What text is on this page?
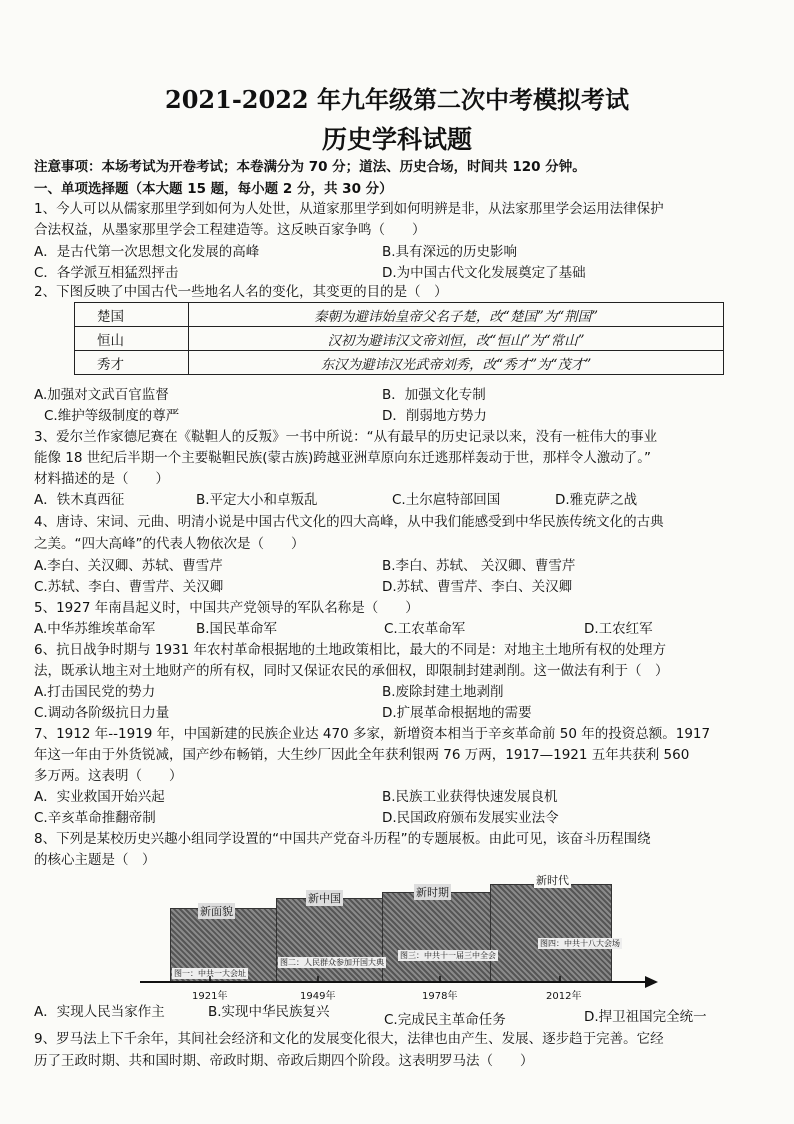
2021-2022 年九年级第二次中考模拟考试
历史学科试题
注意事项：本场考试为开卷考试；本卷满分为 70 分；道法、历史合场，时间共 120 分钟。
一、单项选择题（本大题 15 题，每小题 2 分，共 30 分）
1、今人可以从儒家那里学到如何为人处世，从道家那里学到如何明辨是非，从法家那里学会运用法律保护
合法权益，从墨家那里学会工程建造等。这反映百家争鸣（　　）
A．是古代第一次思想文化发展的高峰	B.具有深远的历史影响
C．各学派互相猛烈抨击	D.为中国古代文化发展奠定了基础
2、下图反映了中国古代一些地名人名的变化，其变更的目的是（　）
楚国	秦朝为避讳始皇帝父名子楚，改“楚国”为“荆国”
恒山	汉初为避讳汉文帝刘恒，改“恒山”为“常山”
秀才	东汉为避讳汉光武帝刘秀，改“秀才”为“茂才”
A.加强对文武百官监督	B．加强文化专制
C.维护等级制度的尊严	D．削弱地方势力
3、爱尔兰作家德尼赛在《鞑靼人的反叛》一书中所说：“从有最早的历史记录以来，没有一桩伟大的事业
能像 18 世纪后半期一个主要鞑靼民族(蒙古族)跨越亚洲草原向东迁逃那样轰动于世，那样令人激动了。”
材料描述的是（　　）
A．铁木真西征	B.平定大小和卓叛乱	C.土尔扈特部回国	D.雅克萨之战
4、唐诗、宋词、元曲、明清小说是中国古代文化的四大高峰，从中我们能感受到中华民族传统文化的古典
之美。“四大高峰”的代表人物依次是（　　）
A.李白、关汉卿、苏轼、曹雪芹	B.李白、苏轼、 关汉卿、曹雪芹
C.苏轼、李白、曹雪芹、关汉卿	D.苏轼、曹雪芹、李白、关汉卿
5、1927 年南昌起义时，中国共产党领导的军队名称是（　　）
A.中华苏维埃革命军	B.国民革命军	C.工农革命军	D.工农红军
6、抗日战争时期与 1931 年农村革命根据地的土地政策相比，最大的不同是：对地主土地所有权的处理方
法，既承认地主对土地财产的所有权，同时又保证农民的承佃权，即限制封建剥削。这一做法有利于（　）
A.打击国民党的势力	B.废除封建土地剥削
C.调动各阶级抗日力量	D.扩展革命根据地的需要
7、1912 年--1919 年，中国新建的民族企业达 470 多家，新增资本相当于辛亥革命前 50 年的投资总额。1917
年这一年由于外货锐减，国产纱布畅销，大生纱厂因此全年获利银两 76 万两，1917—1921 五年共获利 560
多万两。这表明（　　）
A．实业救国开始兴起	B.民族工业获得快速发展良机
C.辛亥革命推翻帝制	D.民国政府颁布发展实业法令
8、下列是某校历史兴趣小组同学设置的“中国共产党奋斗历程”的专题展板。由此可见，该奋斗历程围绕
的核心主题是（　）
新面貌
新中国	新时期
新时代
图一：中共一大会址
图二：人民群众参加开国大典
图三：中共十一届三中全会
图四：中共十八大会场
1921年	1949年	1978年	2012年
A．实现人民当家作主	B.实现中华民族复兴	C.完成民主革命任务	D.捍卫祖国完全统一
9、罗马法上下千余年，其间社会经济和文化的发展变化很大，法律也由产生、发展、逐步趋于完善。它经
历了王政时期、共和国时期、帝政时期、帝政后期四个阶段。这表明罗马法（　　）
